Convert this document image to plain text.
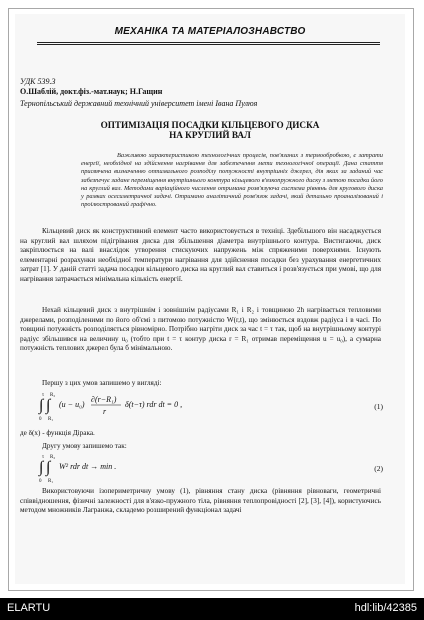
МЕХАНІКА ТА МАТЕРІАЛОЗНАВСТВО
УДК 539.3
О.Шаблій, докт.фіз.-мат.наук; Н.Гащин
Тернопільський державний технічний університет імені Івана Пулюя
ОПТИМІЗАЦІЯ ПОСАДКИ КІЛЬЦЕВОГО ДИСКА
НА КРУГЛИЙ ВАЛ

Важливою характеристикою технологічних процесів, пов'язаних з термообробкою, є затрати енергії, необхідної на здійснення нагрівання для забезпечення мети технологічної операції. Дана стаття присвячена визначенню оптимального розподілу потужності внутрішніх джерел, дія яких за заданий час забезпечує задане переміщення внутрішнього контура кільцевого в'язкопружного диску з метою посадки його на круглий вал. Методами варіаційного числення отримана розв'язуюча система рівнянь для кругового диска у рамках осесиметричної задачі. Отримано аналітичний розв'язок задачі, який детально проаналізований і проілюстрований графічно.

Кільцевий диск як конструктивний елемент часто використовується в техніці. Здебільшого він насаджується на круглий вал шляхом підігрівання диска для збільшення діаметра внутрішнього контура. Вистигаючи, диск закріплюється на валі внаслідок утворення стискуючих напружень між спряженими поверхнями. Існують елементарні розрахунки необхідної температури нагрівання для здійснення посадки без урахування енергетичних затрат [1]. У даній статті задача посадки кільцевого диска на круглий вал ставиться і розв'язується при умові, що для нагрівання затрачається мінімальна кількість енергії.

Нехай кільцевий диск з внутрішнім і зовнішнім радіусами R₁ і R₂ і товщиною 2h нагрівається тепловими джерелами, розподіленими по його об'ємі з питомою потужністю W(r,t), що змінюється вздовж радіуса і в часі. По товщині потужність розподіляється рівномірно. Потрібно нагріти диск за час t = τ так, щоб на внутрішньому контурі радіус збільшився на величину u₀ (тобто при t = τ контур диска r = R₁ отримав переміщення u = u₀), а сумарна потужність теплових джерел була б мінімальною.

Першу з цих умов запишемо у вигляді:

∫ ∫
0 R₁
τ R₂
(u − u₀)
∂(r−R₁)
r
δ(t−τ) rdr dt = 0 ,	(1)

де δ(x) - функція Дірака.

Другу умову запишемо так:

∫ ∫
0 R₁
τ R₂
W² rdr dt → min .	(2)

Використовуючи ізопериметричну умову (1), рівняння стану диска (рівняння рівноваги, геометричні співвідношення, фізичні залежності для в'язко-пружного тіла, рівняння теплопровідності [2], [3], [4]), користуючись методом множників Лагранжа, складемо розширений функціонал задачі

ELARTU	hdl:lib/42385
